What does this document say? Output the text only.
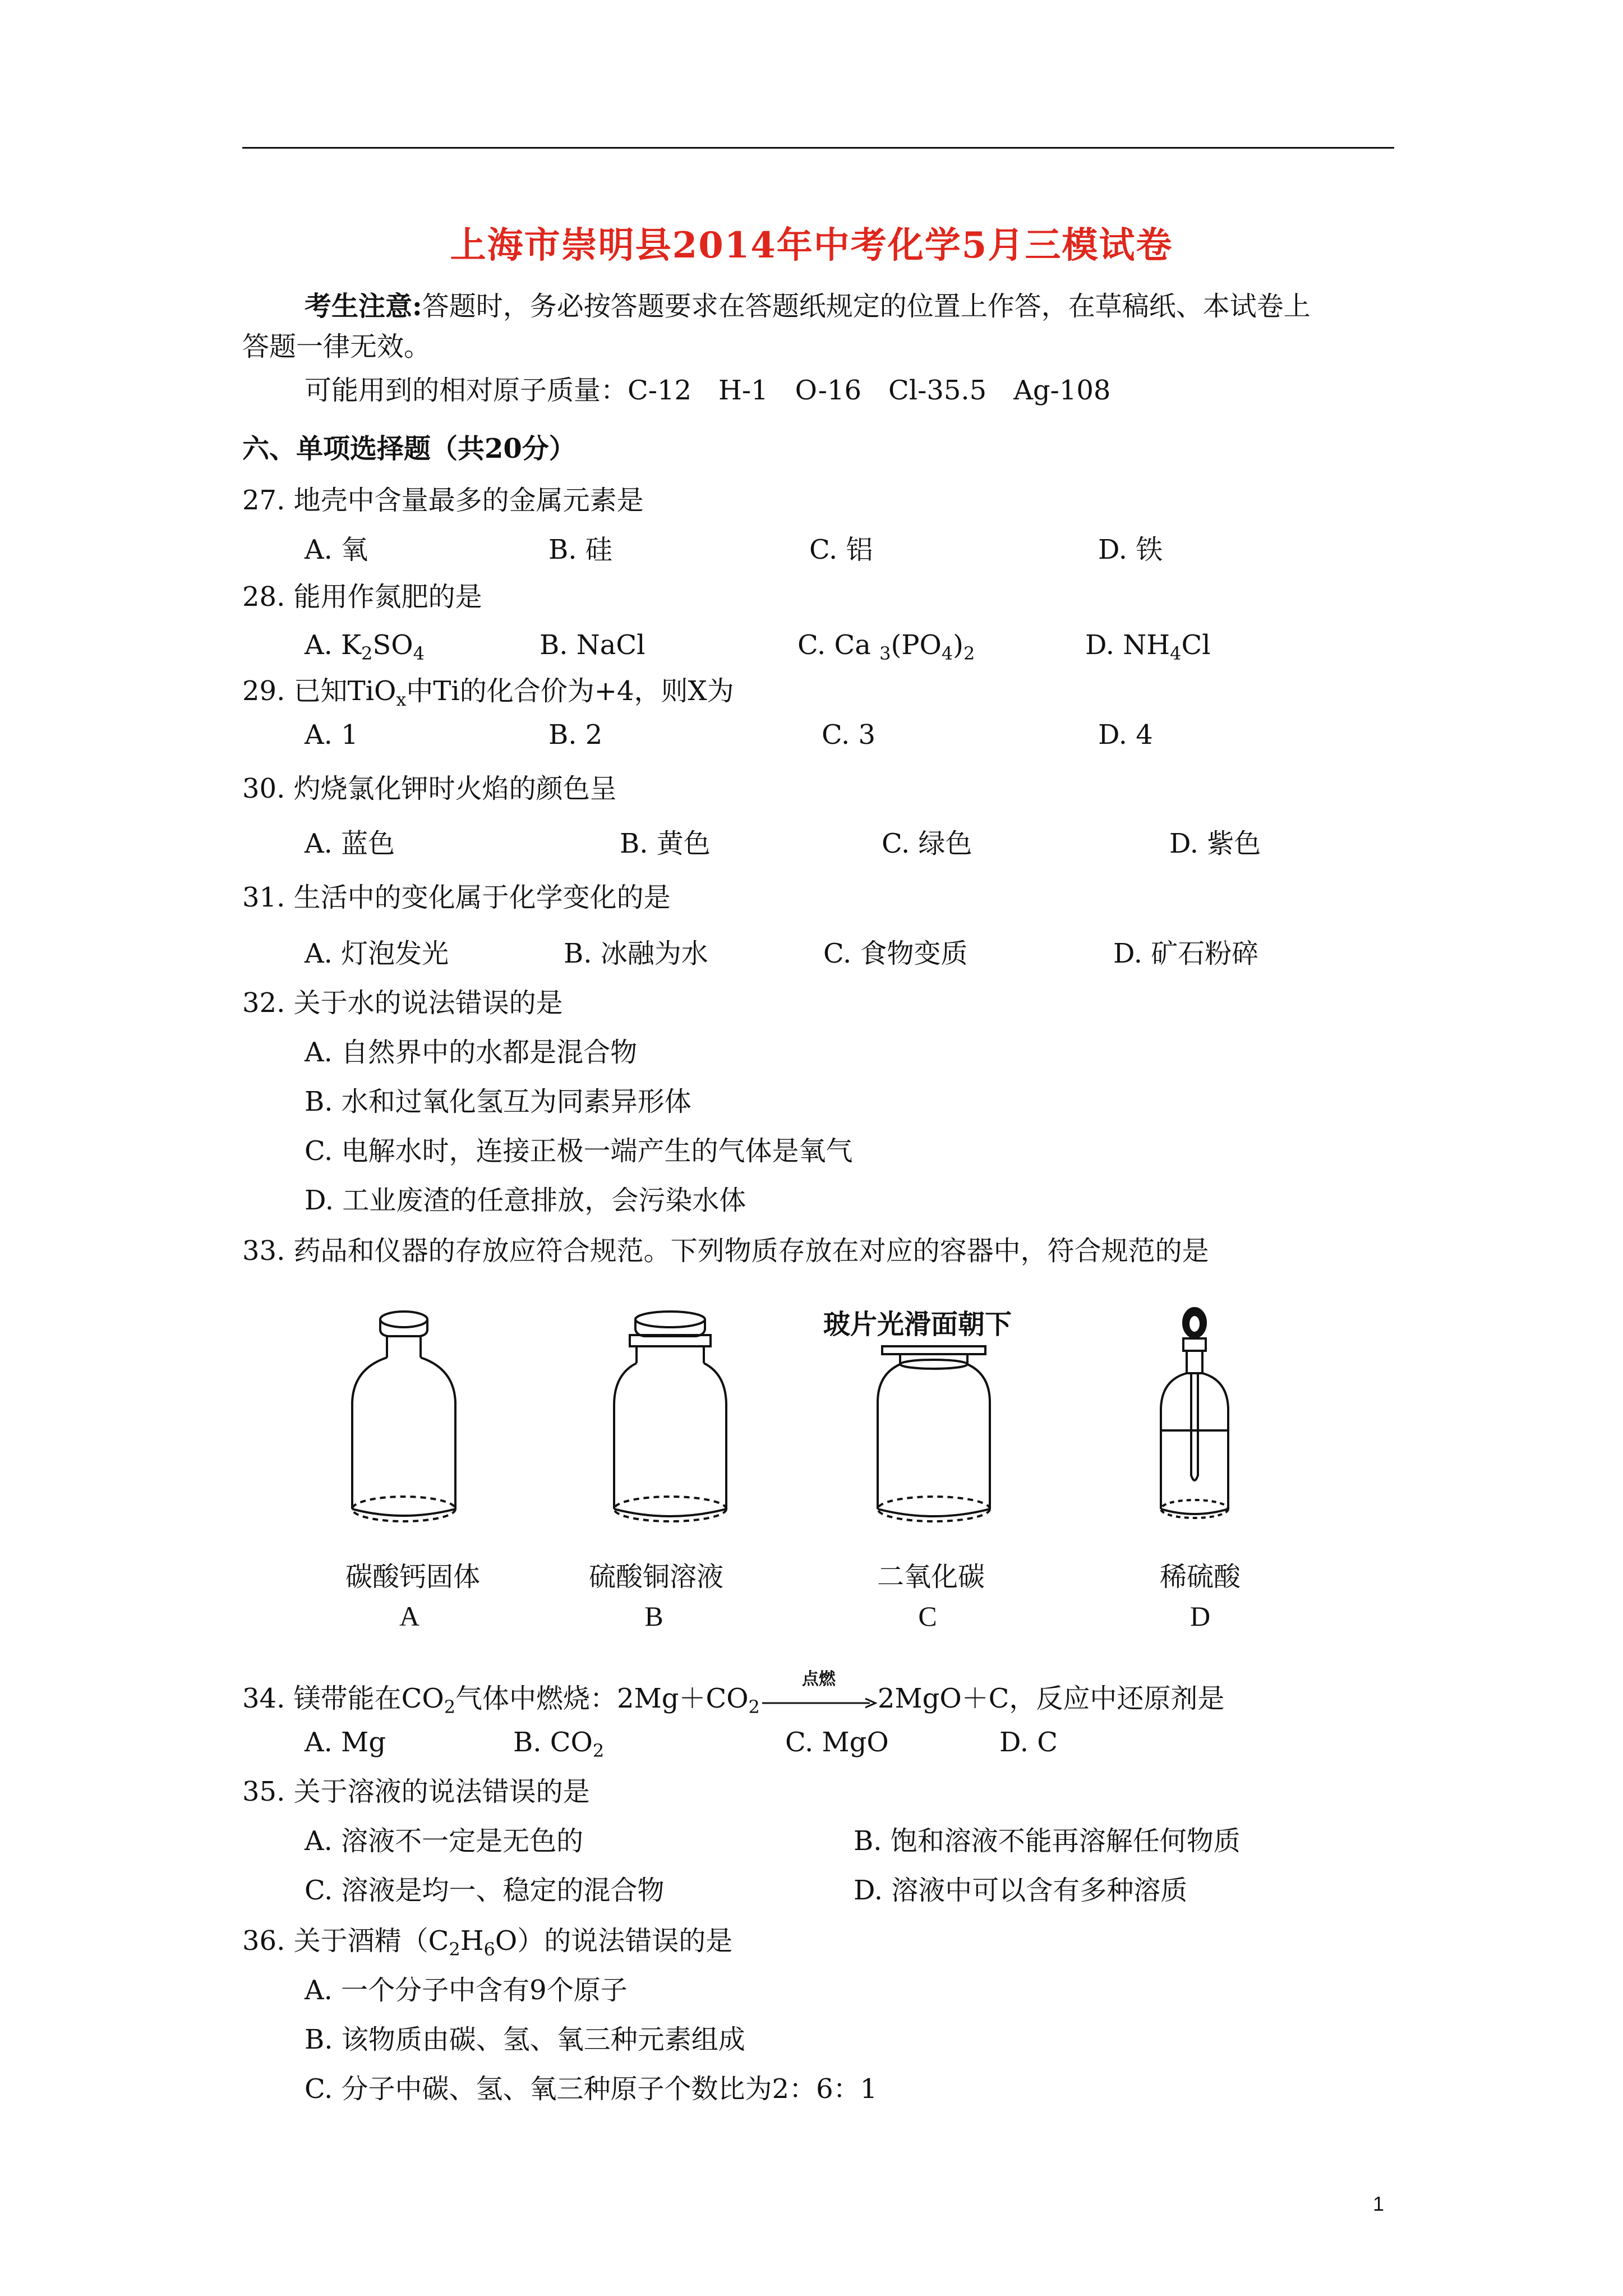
上海市崇明县2014年中考化学5月三模试卷
考生注意:答题时，务必按答题要求在答题纸规定的位置上作答，在草稿纸、本试卷上
答题一律无效。
可能用到的相对原子质量：C-12　H-1　O-16　Cl-35.5　Ag-108
六、单项选择题（共20分）
27. 地壳中含量最多的金属元素是
A. 氧	B. 硅	C. 铝	D. 铁
28. 能用作氮肥的是
A. $K_2SO_4$	B. NaCl	C. Ca $_3(PO_4)_2$	D. $NH_4Cl$
29. 已知TiO$_x$中Ti的化合价为+4，则X为
A. 1	B. 2	C. 3	D. 4
30. 灼烧氯化钾时火焰的颜色呈
A. 蓝色	B. 黄色	C. 绿色	D. 紫色
31. 生活中的变化属于化学变化的是
A. 灯泡发光	B. 冰融为水	C. 食物变质	D. 矿石粉碎
32. 关于水的说法错误的是
A. 自然界中的水都是混合物
B. 水和过氧化氢互为同素异形体
C. 电解水时，连接正极一端产生的气体是氧气
D. 工业废渣的任意排放，会污染水体
33. 药品和仪器的存放应符合规范。下列物质存放在对应的容器中，符合规范的是
玻片光滑面朝下
碳酸钙固体	硫酸铜溶液	二氧化碳	稀硫酸
A	B	C	D
34. 镁带能在$CO_2$气体中燃烧：$2Mg+CO_2$
点燃
2MgO＋C，反应中还原剂是
A. Mg	B. $CO_2$	C. MgO	D. C
35. 关于溶液的说法错误的是
A. 溶液不一定是无色的	B. 饱和溶液不能再溶解任何物质
C. 溶液是均一、稳定的混合物	D. 溶液中可以含有多种溶质
36. 关于酒精$(C_2H_6O)$的说法错误的是
A. 一个分子中含有9个原子
B. 该物质由碳、氢、氧三种元素组成
C. 分子中碳、氢、氧三种原子个数比为2：6：1
1
